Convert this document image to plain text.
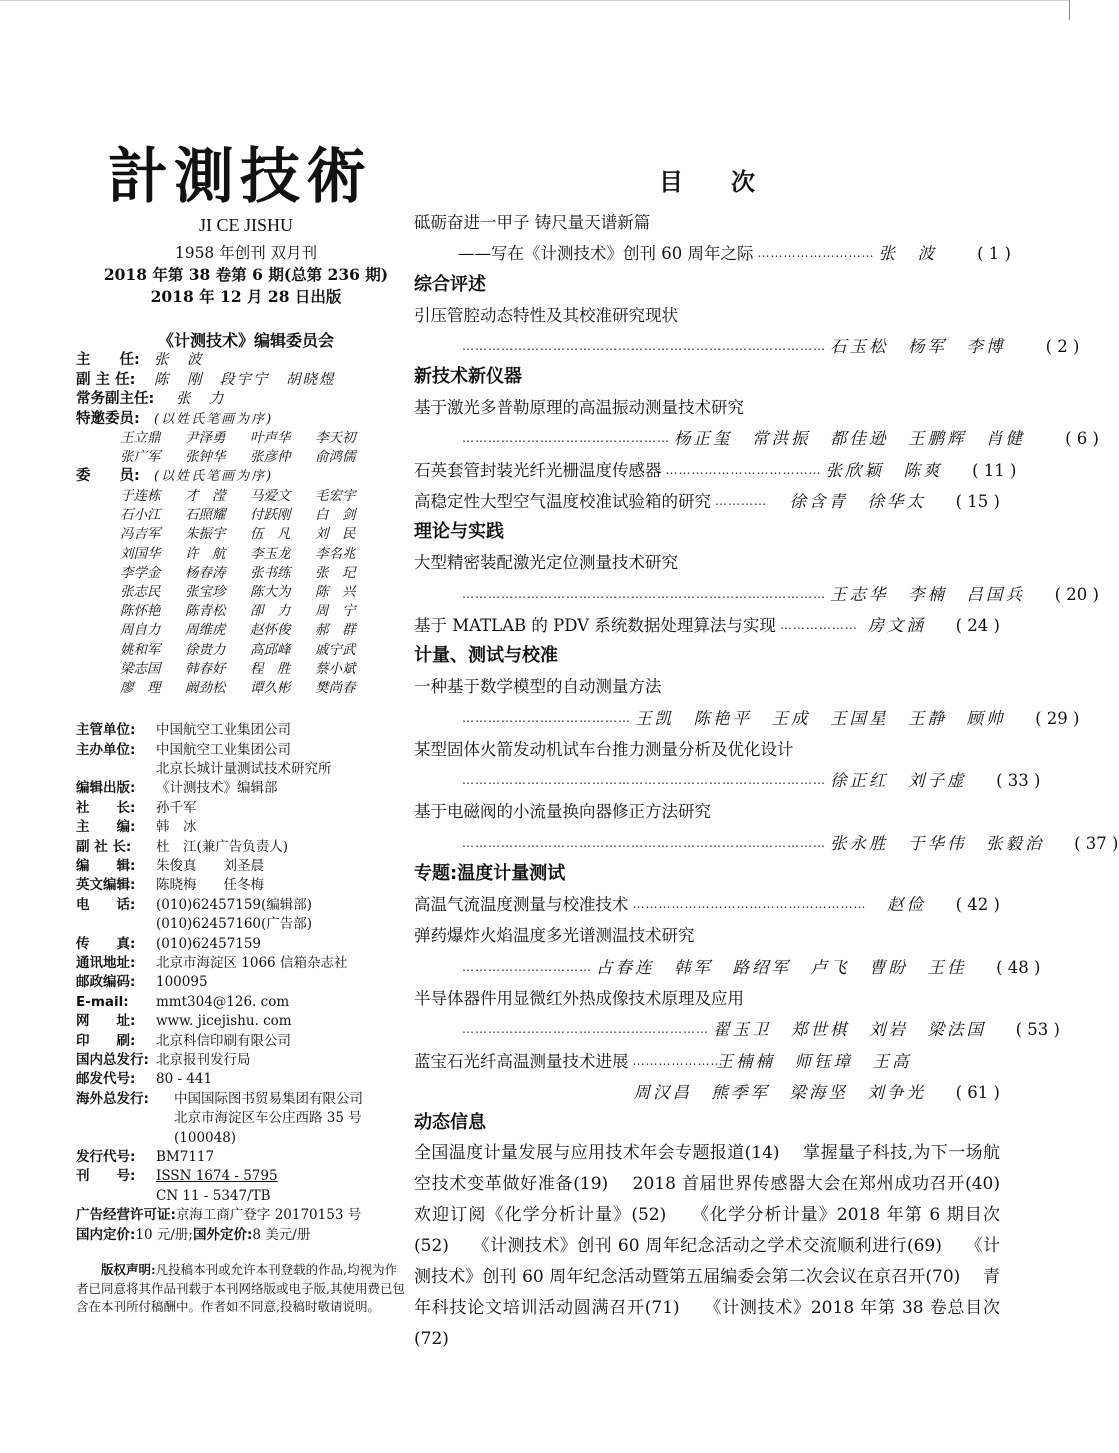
計測技術
JI CE JISHU
1958 年创刊 双月刊
2018 年第 38 卷第 6 期(总第 236 期)
2018 年 12 月 28 日出版
《计测技术》编辑委员会
主　　任: 张　波
副 主 任: 陈　刚　段宇宁　胡晓煜
常务副主任: 张　力
特邀委员: (以姓氏笔画为序)
王立鼎 尹泽勇 叶声华 李天初
张广军 张钟华 张彦仲 俞鸿儒
委　　员: (以姓氏笔画为序)
于连栋 才　滢 马爱文 毛宏宇
石小江 石照耀 付跃刚 白　剑
冯吉军 朱振宇 伍　凡 刘　民
刘国华 许　航 李玉龙 李名兆
李学金 杨春涛 张书练 张　玘
张志民 张宝珍 陈大为 陈　兴
陈怀艳 陈青松 卲　力 周　宁
周自力 周维虎 赵怀俊 郝　群
姚和军 徐贵力 高邱峰 戚宁武
梁志国 韩春好 程　胜 蔡小斌
廖　理 阚劲松 谭久彬 樊尚春
主管单位: 中国航空工业集团公司
主办单位: 中国航空工业集团公司
北京长城计量测试技术研究所
编辑出版: 《计测技术》编辑部
社　　长: 孙千军
主　　编: 韩　冰
副 社 长: 杜　江(兼广告负责人)
编　　辑: 朱俊真　　刘圣晨
英文编辑: 陈晓梅　　任冬梅
电　　话: (010)62457159(编辑部)
(010)62457160(广告部)
传　　真: (010)62457159
通讯地址: 北京市海淀区 1066 信箱杂志社
邮政编码: 100095
E-mail: mmt304@126. com
网　　址: www. jicejishu. com
印　　刷: 北京科信印刷有限公司
国内总发行: 北京报刊发行局
邮发代号: 80 - 441
海外总发行: 中国国际图书贸易集团有限公司
北京市海淀区车公庄西路 35 号
(100048)
发行代号: BM7117
刊　　号: ISSN 1674 - 5795
CN 11 - 5347/TB
广告经营许可证:京海工商广登字 20170153 号
国内定价:10 元/册;国外定价:8 美元/册
版权声明:凡投稿本刊或允许本刊登载的作品,均视为作者已同意将其作品刊载于本刊网络版或电子版,其使用费已包含在本刊所付稿酬中。作者如不同意,投稿时敬请说明。
目次
砥砺奋进一甲子 铸尺量天谱新篇
——写在《计测技术》创刊 60 周年之际 ……………………… 张　波	( 1 )
综合评述
引压管腔动态特性及其校准研究现状
………………………………………………………………………… 石玉松　杨军　李博	( 2 )
新技术新仪器
基于激光多普勒原理的高温振动测量技术研究
………………………………………… 杨正玺　常洪振　都佳逊　王鹏辉　肖健	( 6 )
石英套管封装光纤光栅温度传感器 ……………………………… 张欣颖　陈爽	( 11 )
高稳定性大型空气温度校准试验箱的研究 …………	徐含青　徐华太	( 15 )
理论与实践
大型精密装配激光定位测量技术研究
………………………………………………………………………… 王志华　李楠　吕国兵	( 20 )
基于 MATLAB 的 PDV 系统数据处理算法与实现 ……………… 房文涵	( 24 )
计量、测试与校准
一种基于数学模型的自动测量方法
………………………………… 王凯　陈艳平　王成　王国星　王静　顾帅	( 29 )
某型固体火箭发动机试车台推力测量分析及优化设计
………………………………………………………………………… 徐正红　刘子虚	( 33 )
基于电磁阀的小流量换向器修正方法研究
………………………………………………………………………… 张永胜　于华伟　张毅治	( 37 )
专题:温度计量测试
高温气流温度测量与校准技术 ………………………………………………	赵俭	( 42 )
弹药爆炸火焰温度多光谱测温技术研究
………………………… 占春连　韩军　路绍军　卢飞　曹盼　王佳	( 48 )
半导体器件用显微红外热成像技术原理及应用
………………………………………………… 翟玉卫　郑世棋　刘岩　梁法国	( 53 )
蓝宝石光纤高温测量技术进展 …………………
王楠楠　师钰璋　王高
周汉昌　熊季军　梁海坚　刘争光	( 61 )
动态信息
全国温度计量发展与应用技术年会专题报道(14)　 掌握量子科技,为下一场航空技术变革做好准备(19)　 2018 首届世界传感器大会在郑州成功召开(40)　 欢迎订阅《化学分析计量》(52)　 《化学分析计量》2018 年第 6 期目次(52)　 《计测技术》创刊 60 周年纪念活动之学术交流顺利进行(69)　 《计测技术》创刊 60 周年纪念活动暨第五届编委会第二次会议在京召开(70)　 青年科技论文培训活动圆满召开(71)　 《计测技术》2018 年第 38 卷总目次(72)
